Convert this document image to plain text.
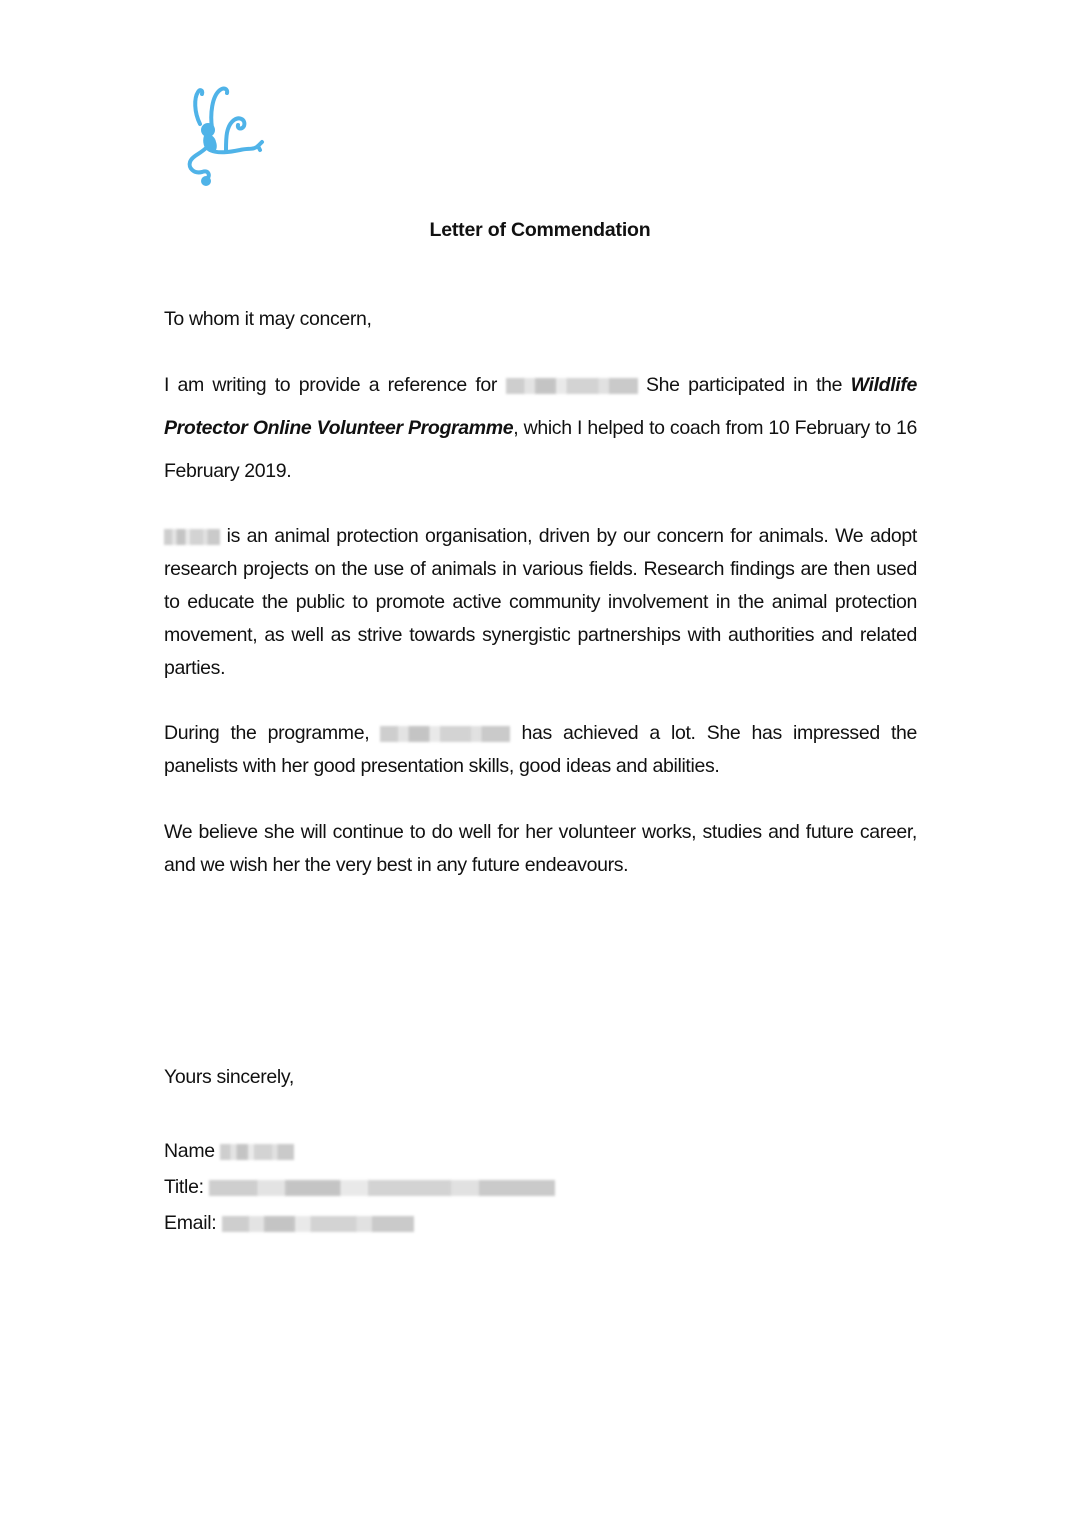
Letter of Commendation
To whom it may concern,
I am writing to provide a reference for	She participated in the Wildlife Protector Online Volunteer Programme, which I helped to coach from 10 February to 16 February 2019.
is an animal protection organisation, driven by our concern for animals. We adopt research projects on the use of animals in various fields. Research findings are then used to educate the public to promote active community involvement in the animal protection movement, as well as strive towards synergistic partnerships with authorities and related parties.
During the programme,	has achieved a lot. She has impressed the panelists with her good presentation skills, good ideas and abilities.
We believe she will continue to do well for her volunteer works, studies and future career, and we wish her the very best in any future endeavours.
Yours sincerely,
Name
Title:
Email:
